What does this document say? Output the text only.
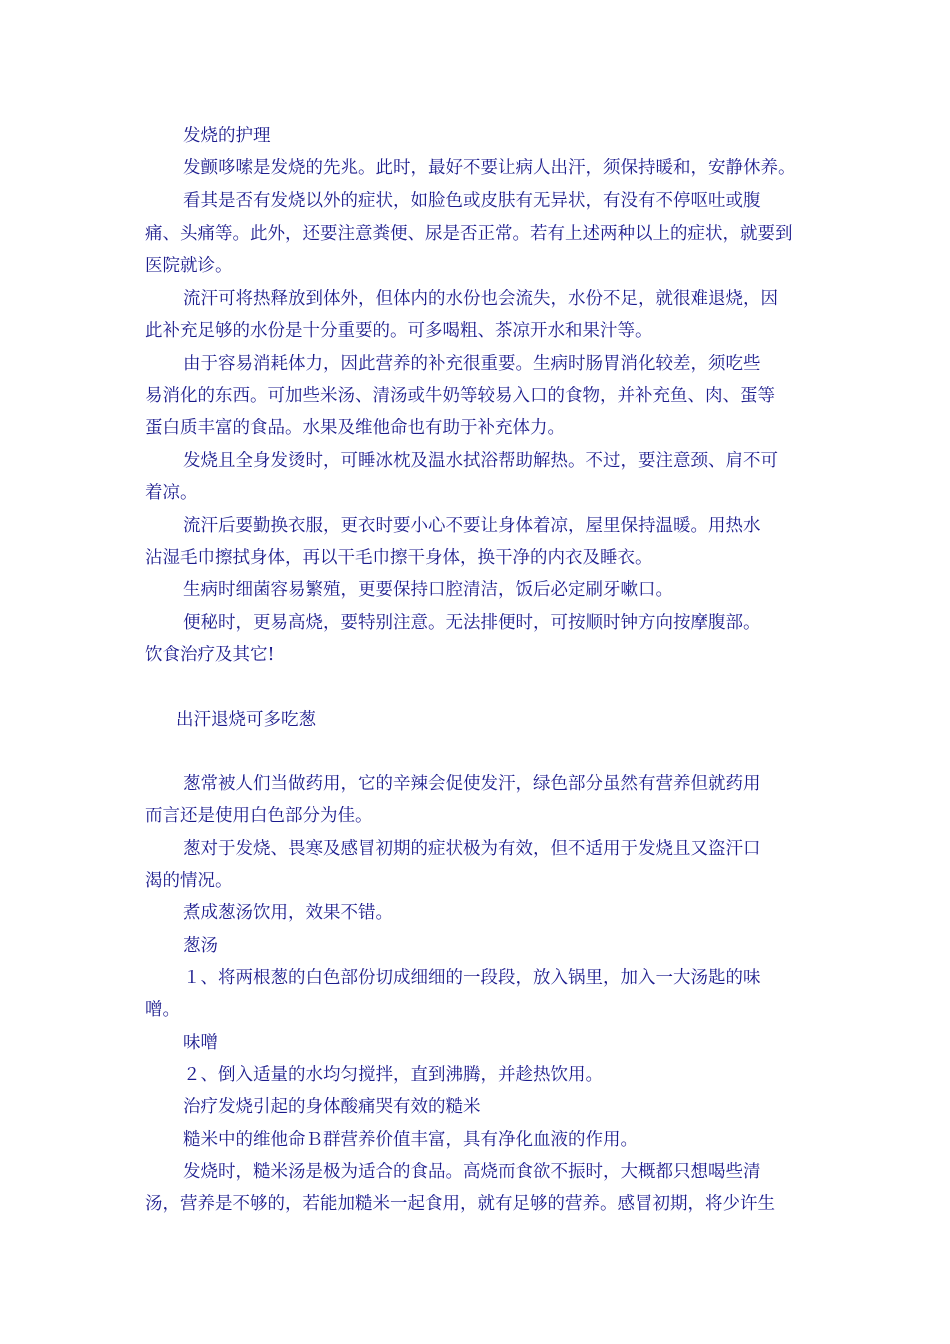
发烧的护理
发颤哆嗦是发烧的先兆。此时，最好不要让病人出汗，须保持暖和，安静休养。
看其是否有发烧以外的症状，如脸色或皮肤有无异状，有没有不停呕吐或腹
痛、头痛等。此外，还要注意粪便、尿是否正常。若有上述两种以上的症状，就要到
医院就诊。
流汗可将热释放到体外，但体内的水份也会流失，水份不足，就很难退烧，因
此补充足够的水份是十分重要的。可多喝粗、茶凉开水和果汁等。
由于容易消耗体力，因此营养的补充很重要。生病时肠胃消化较差，须吃些
易消化的东西。可加些米汤、清汤或牛奶等较易入口的食物，并补充鱼、肉、蛋等
蛋白质丰富的食品。水果及维他命也有助于补充体力。
发烧且全身发烫时，可睡冰枕及温水拭浴帮助解热。不过，要注意颈、肩不可
着凉。
流汗后要勤换衣服，更衣时要小心不要让身体着凉，屋里保持温暖。用热水
沾湿毛巾擦拭身体，再以干毛巾擦干身体，换干净的内衣及睡衣。
生病时细菌容易繁殖，更要保持口腔清洁，饭后必定刷牙嗽口。
便秘时，更易高烧，要特别注意。无法排便时，可按顺时钟方向按摩腹部。
饮食治疗及其它!
出汗退烧可多吃葱
葱常被人们当做药用，它的辛辣会促使发汗，绿色部分虽然有营养但就药用
而言还是使用白色部分为佳。
葱对于发烧、畏寒及感冒初期的症状极为有效，但不适用于发烧且又盗汗口
渴的情况。
煮成葱汤饮用，效果不错。
葱汤
１、将两根葱的白色部份切成细细的一段段，放入锅里，加入一大汤匙的味
噌。
味噌
２、倒入适量的水均匀搅拌，直到沸腾，并趁热饮用。
治疗发烧引起的身体酸痛哭有效的糙米
糙米中的维他命Ｂ群营养价值丰富，具有净化血液的作用。
发烧时，糙米汤是极为适合的食品。高烧而食欲不振时，大概都只想喝些清
汤，营养是不够的，若能加糙米一起食用，就有足够的营养。感冒初期，将少许生
